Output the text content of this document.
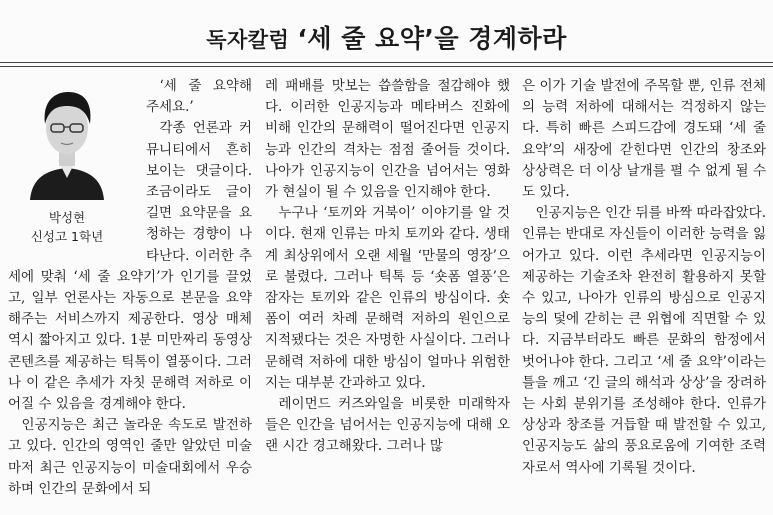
독자칼럼 ‘세 줄 요약’을 경계하라
박성현
신성고 1학년

‘세 줄 요약해 주세요.’

각종 언론과 커뮤니티에서 흔히 보이는 댓글이다. 조금이라도 글이 길면 요약문을 요청하는 경향이 나타난다. 이러한 추세에 맞춰 ‘세 줄 요약기’가 인기를 끌었고, 일부 언론사는 자동으로 본문을 요약해주는 서비스까지 제공한다. 영상 매체 역시 짧아지고 있다. 1분 미만짜리 동영상 콘텐츠를 제공하는 틱톡이 열풍이다. 그러나 이 같은 추세가 자칫 문해력 저하로 이어질 수 있음을 경계해야 한다.

인공지능은 최근 놀라운 속도로 발전하고 있다. 인간의 영역인 줄만 알았던 미술마저 최근 인공지능이 미술대회에서 우승하며 인간의 문화에서 되

레 패배를 맛보는 씁쓸함을 절감해야 했다. 이러한 인공지능과 메타버스 진화에 비해 인간의 문해력이 떨어진다면 인공지능과 인간의 격차는 점점 줄어들 것이다. 나아가 인공지능이 인간을 넘어서는 영화가 현실이 될 수 있음을 인지해야 한다.

누구나 ‘토끼와 거북이’ 이야기를 알 것이다. 현재 인류는 마치 토끼와 같다. 생태계 최상위에서 오랜 세월 ‘만물의 영장’으로 불렸다. 그러나 틱톡 등 ‘숏폼 열풍’은 잠자는 토끼와 같은 인류의 방심이다. 숏폼이 여러 차례 문해력 저하의 원인으로 지적됐다는 것은 자명한 사실이다. 그러나 문해력 저하에 대한 방심이 얼마나 위험한지는 대부분 간과하고 있다.

레이먼드 커즈와일을 비롯한 미래학자들은 인간을 넘어서는 인공지능에 대해 오랜 시간 경고해왔다. 그러나 많

은 이가 기술 발전에 주목할 뿐, 인류 전체의 능력 저하에 대해서는 걱정하지 않는다. 특히 빠른 스피드감에 경도돼 ‘세 줄 요약’의 새장에 갇힌다면 인간의 창조와 상상력은 더 이상 날개를 펼 수 없게 될 수도 있다.

인공지능은 인간 뒤를 바짝 따라잡았다. 인류는 반대로 자신들이 이러한 능력을 잃어가고 있다. 이런 추세라면 인공지능이 제공하는 기술조차 완전히 활용하지 못할 수 있고, 나아가 인류의 방심으로 인공지능의 덫에 갇히는 큰 위협에 직면할 수 있다. 지금부터라도 빠른 문화의 함정에서 벗어나야 한다. 그리고 ‘세 줄 요약’이라는 틀을 깨고 ‘긴 글의 해석과 상상’을 장려하는 사회 분위기를 조성해야 한다. 인류가 상상과 창조를 거듭할 때 발전할 수 있고, 인공지능도 삶의 풍요로움에 기여한 조력자로서 역사에 기록될 것이다.
